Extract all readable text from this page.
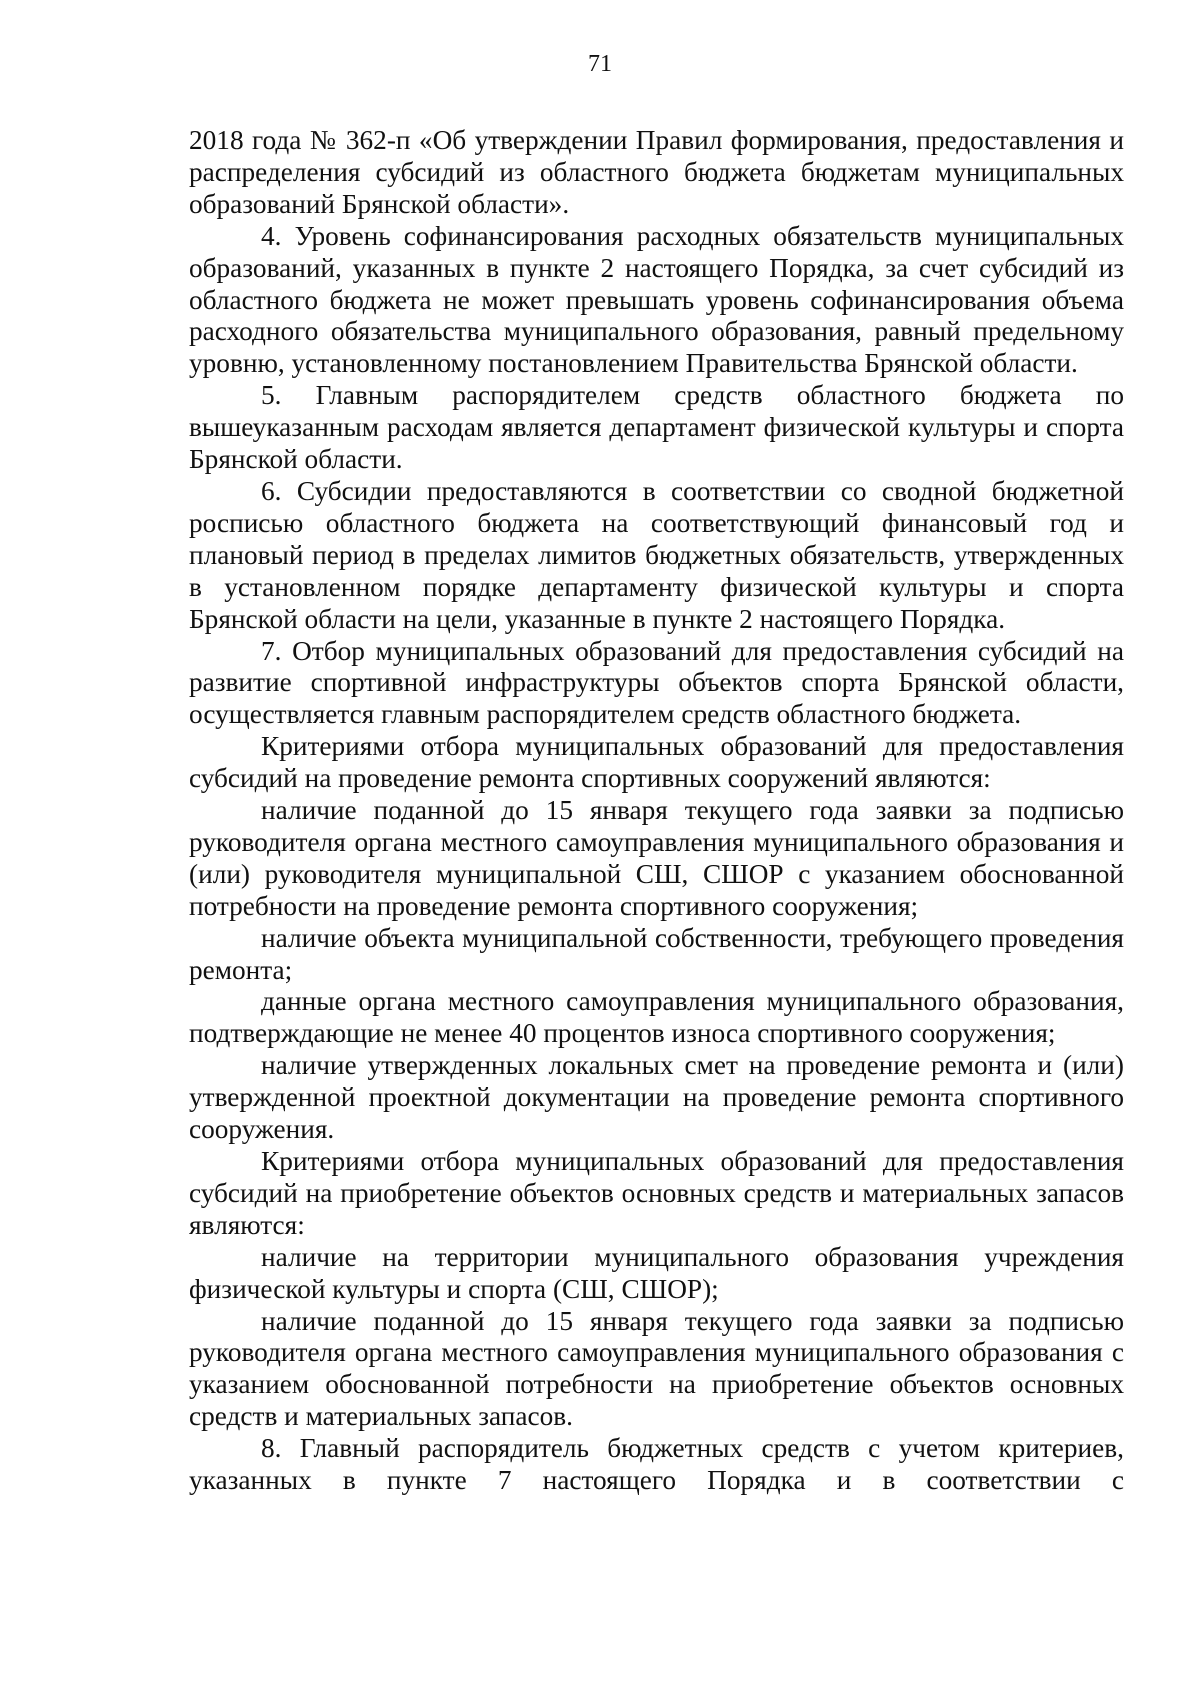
71

2018 года № 362-п «Об утверждении Правил формирования, предоставления и распределения субсидий из областного бюджета бюджетам муниципальных образований Брянской области».

4. Уровень софинансирования расходных обязательств муниципальных образований, указанных в пункте 2 настоящего Порядка, за счет субсидий из областного бюджета не может превышать уровень софинансирования объема расходного обязательства муниципального образования, равный предельному уровню, установленному постановлением Правительства Брянской области.

5. Главным распорядителем средств областного бюджета по вышеуказанным расходам является департамент физической культуры и спорта Брянской области.

6. Субсидии предоставляются в соответствии со сводной бюджетной росписью областного бюджета на соответствующий финансовый год и плановый период в пределах лимитов бюджетных обязательств, утвержденных в установленном порядке департаменту физической культуры и спорта Брянской области на цели, указанные в пункте 2 настоящего Порядка.

7. Отбор муниципальных образований для предоставления субсидий на развитие спортивной инфраструктуры объектов спорта Брянской области, осуществляется главным распорядителем средств областного бюджета.

Критериями отбора муниципальных образований для предоставления субсидий на проведение ремонта спортивных сооружений являются:

наличие поданной до 15 января текущего года заявки за подписью руководителя органа местного самоуправления муниципального образования и (или) руководителя муниципальной СШ, СШОР с указанием обоснованной потребности на проведение ремонта спортивного сооружения;

наличие объекта муниципальной собственности, требующего проведения ремонта;

данные органа местного самоуправления муниципального образования, подтверждающие не менее 40 процентов износа спортивного сооружения;

наличие утвержденных локальных смет на проведение ремонта и (или) утвержденной проектной документации на проведение ремонта спортивного сооружения.

Критериями отбора муниципальных образований для предоставления субсидий на приобретение объектов основных средств и материальных запасов являются:

наличие на территории муниципального образования учреждения физической культуры и спорта (СШ, СШОР);

наличие поданной до 15 января текущего года заявки за подписью руководителя органа местного самоуправления муниципального образования с указанием обоснованной потребности на приобретение объектов основных средств и материальных запасов.

8. Главный распорядитель бюджетных средств с учетом критериев, указанных в пункте 7 настоящего Порядка и в соответствии с
